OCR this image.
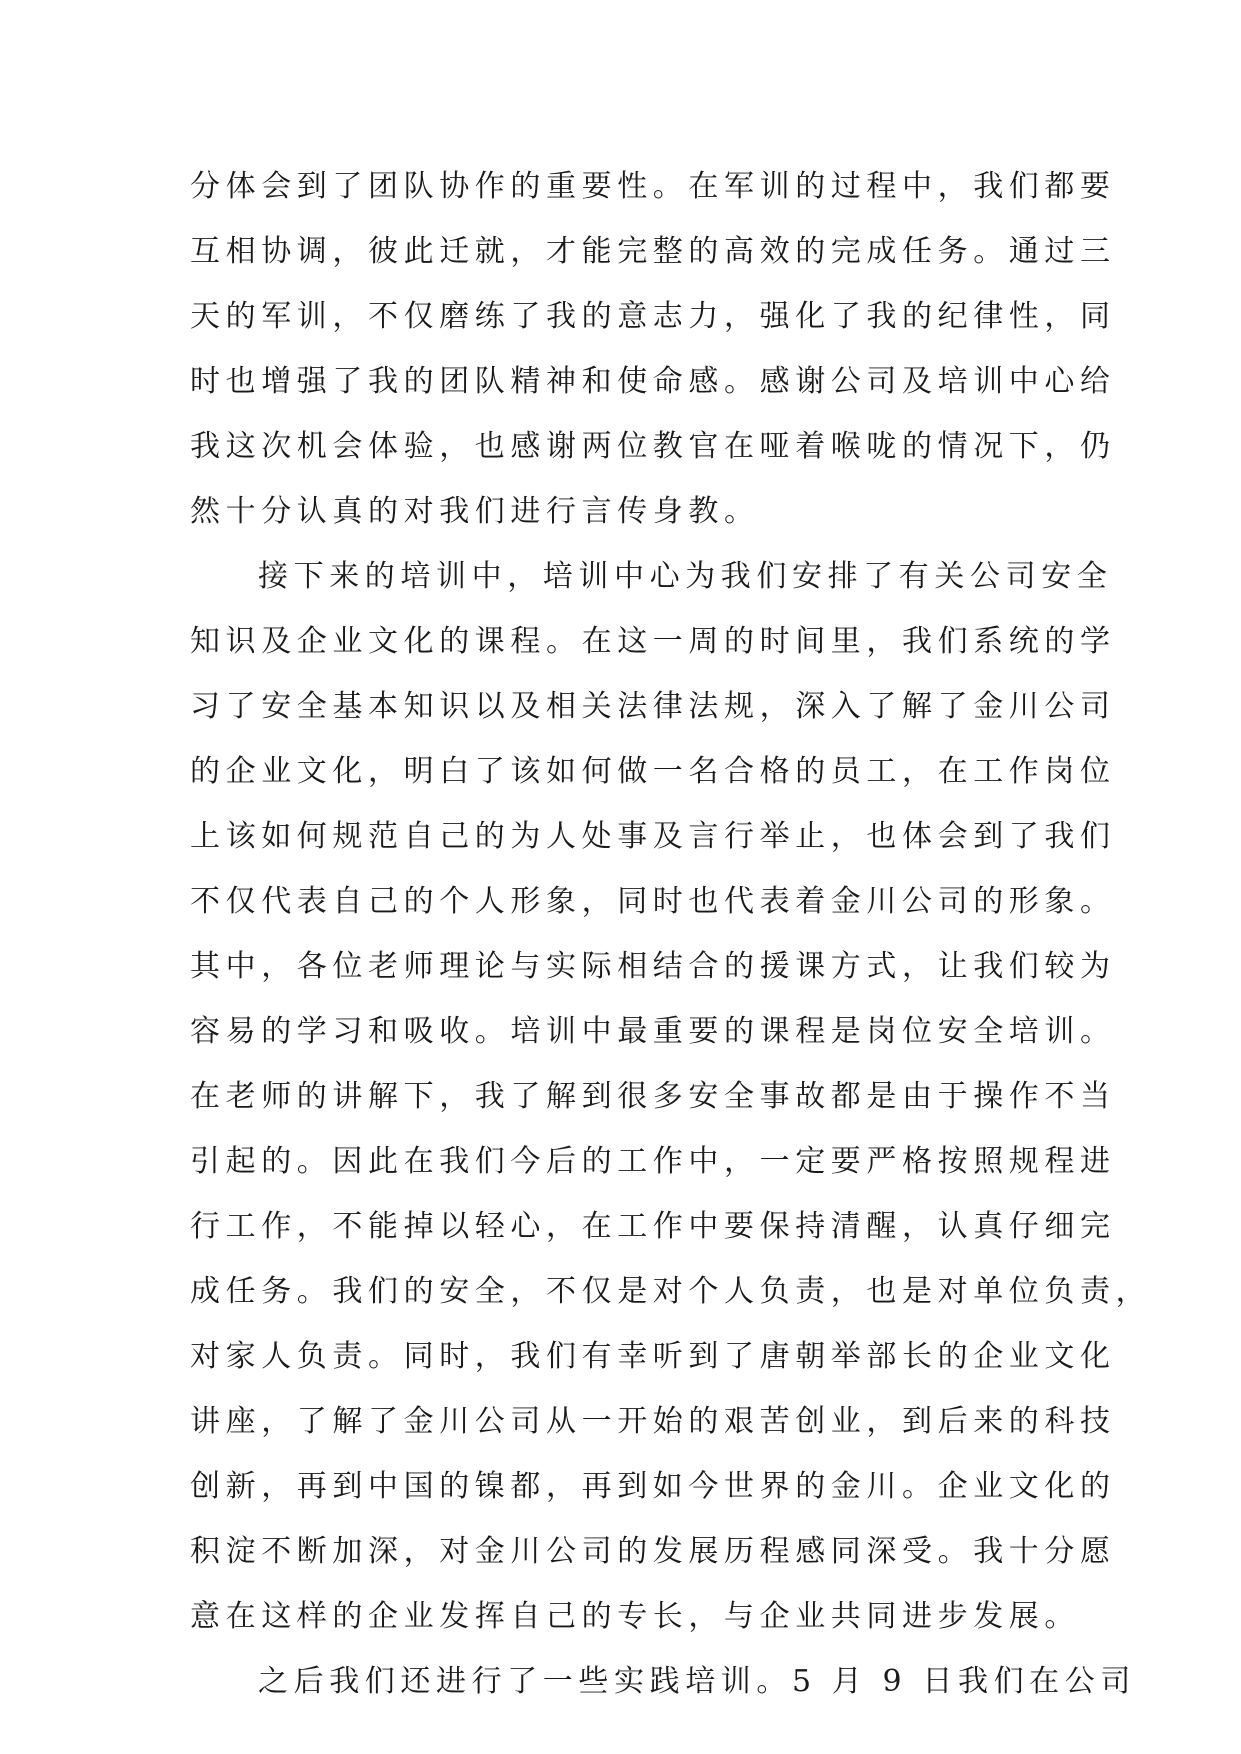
分体会到了团队协作的重要性。在军训的过程中，我们都要
互相协调，彼此迁就，才能完整的高效的完成任务。通过三
天的军训，不仅磨练了我的意志力，强化了我的纪律性，同
时也增强了我的团队精神和使命感。感谢公司及培训中心给
我这次机会体验，也感谢两位教官在哑着喉咙的情况下，仍
然十分认真的对我们进行言传身教。
接下来的培训中，培训中心为我们安排了有关公司安全
知识及企业文化的课程。在这一周的时间里，我们系统的学
习了安全基本知识以及相关法律法规，深入了解了金川公司
的企业文化，明白了该如何做一名合格的员工，在工作岗位
上该如何规范自己的为人处事及言行举止，也体会到了我们
不仅代表自己的个人形象，同时也代表着金川公司的形象。
其中，各位老师理论与实际相结合的援课方式，让我们较为
容易的学习和吸收。培训中最重要的课程是岗位安全培训。
在老师的讲解下，我了解到很多安全事故都是由于操作不当
引起的。因此在我们今后的工作中，一定要严格按照规程进
行工作，不能掉以轻心，在工作中要保持清醒，认真仔细完
成任务。我们的安全，不仅是对个人负责，也是对单位负责，
对家人负责。同时，我们有幸听到了唐朝举部长的企业文化
讲座，了解了金川公司从一开始的艰苦创业，到后来的科技
创新，再到中国的镍都，再到如今世界的金川。企业文化的
积淀不断加深，对金川公司的发展历程感同深受。我十分愿
意在这样的企业发挥自己的专长，与企业共同进步发展。
之后我们还进行了一些实践培训。5 月 9 日我们在公司
